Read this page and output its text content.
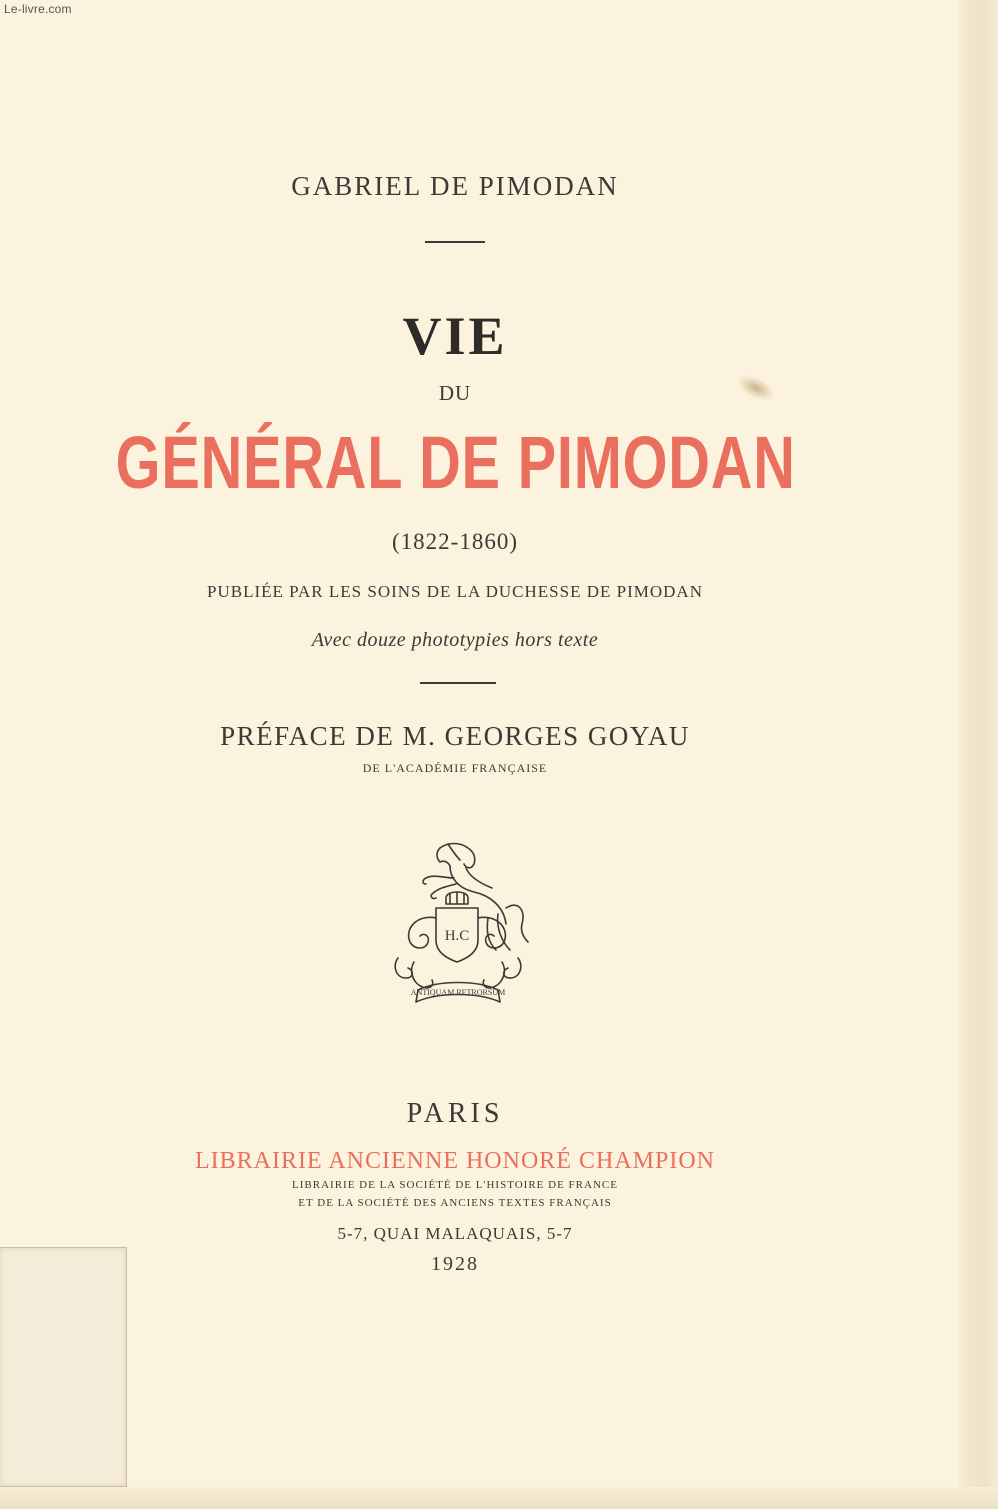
Le-livre.com
GABRIEL DE PIMODAN
VIE
DU
GÉNÉRAL DE PIMODAN
(1822-1860)
PUBLIÉE PAR LES SOINS DE LA DUCHESSE DE PIMODAN
Avec douze phototypies hors texte
PRÉFACE DE M. GEORGES GOYAU
DE L'ACADÉMIE FRANÇAISE
H.C
ANTIQUAM RETRORSUM
PARIS
LIBRAIRIE ANCIENNE HONORÉ CHAMPION
LIBRAIRIE DE LA SOCIÉTÉ DE L'HISTOIRE DE FRANCE
ET DE LA SOCIÉTÉ DES ANCIENS TEXTES FRANÇAIS
5-7, QUAI MALAQUAIS, 5-7
1928
